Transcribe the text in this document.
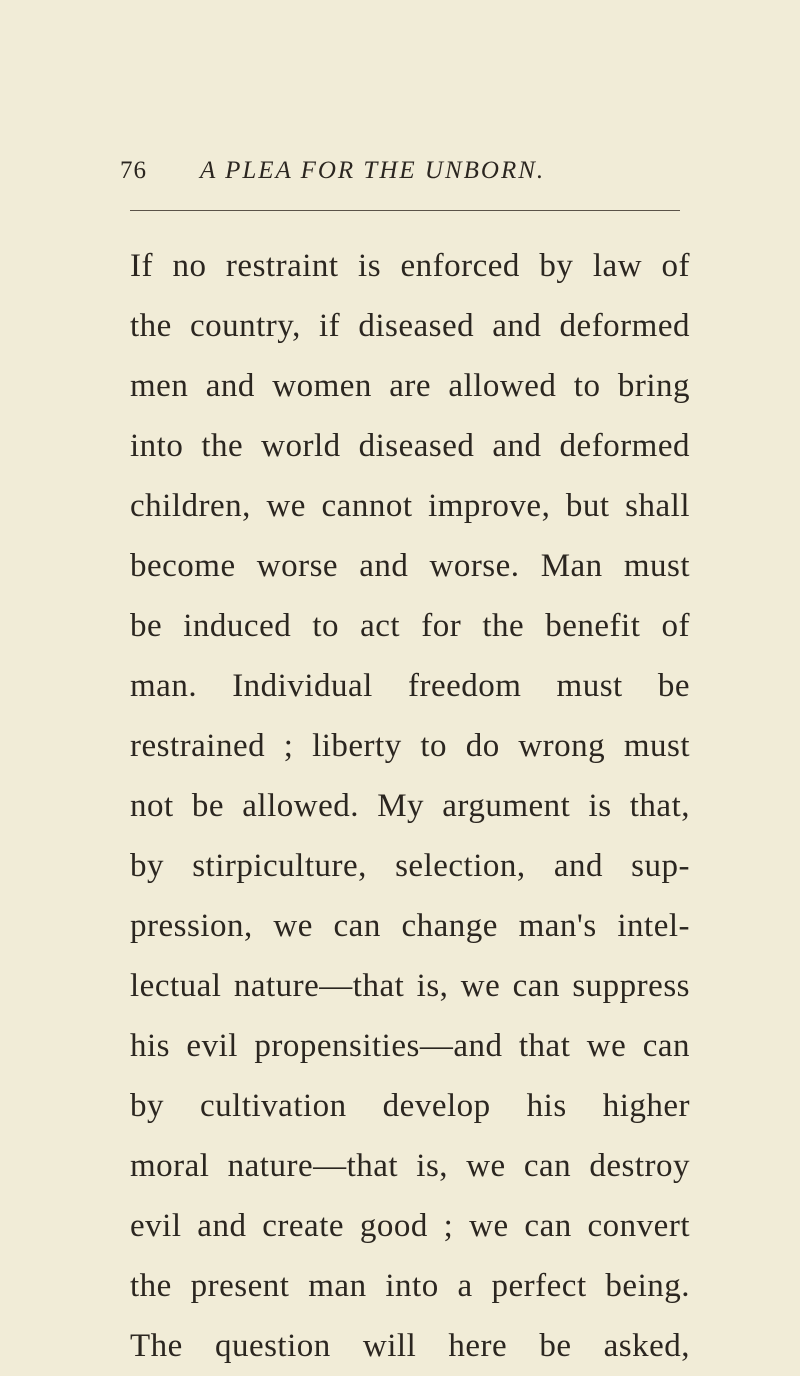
76 A PLEA FOR THE UNBORN.
If no restraint is enforced by law of
the country, if diseased and deformed
men and women are allowed to bring
into the world diseased and deformed
children, we cannot improve, but shall
become worse and worse. Man must
be induced to act for the benefit of
man. Individual freedom must be
restrained ; liberty to do wrong must
not be allowed. My argument is that,
by stirpiculture, selection, and sup-
pression, we can change man's intel-
lectual nature—that is, we can suppress
his evil propensities—and that we can
by cultivation develop his higher
moral nature—that is, we can destroy
evil and create good ; we can convert
the present man into a perfect being.
The question will here be asked,
